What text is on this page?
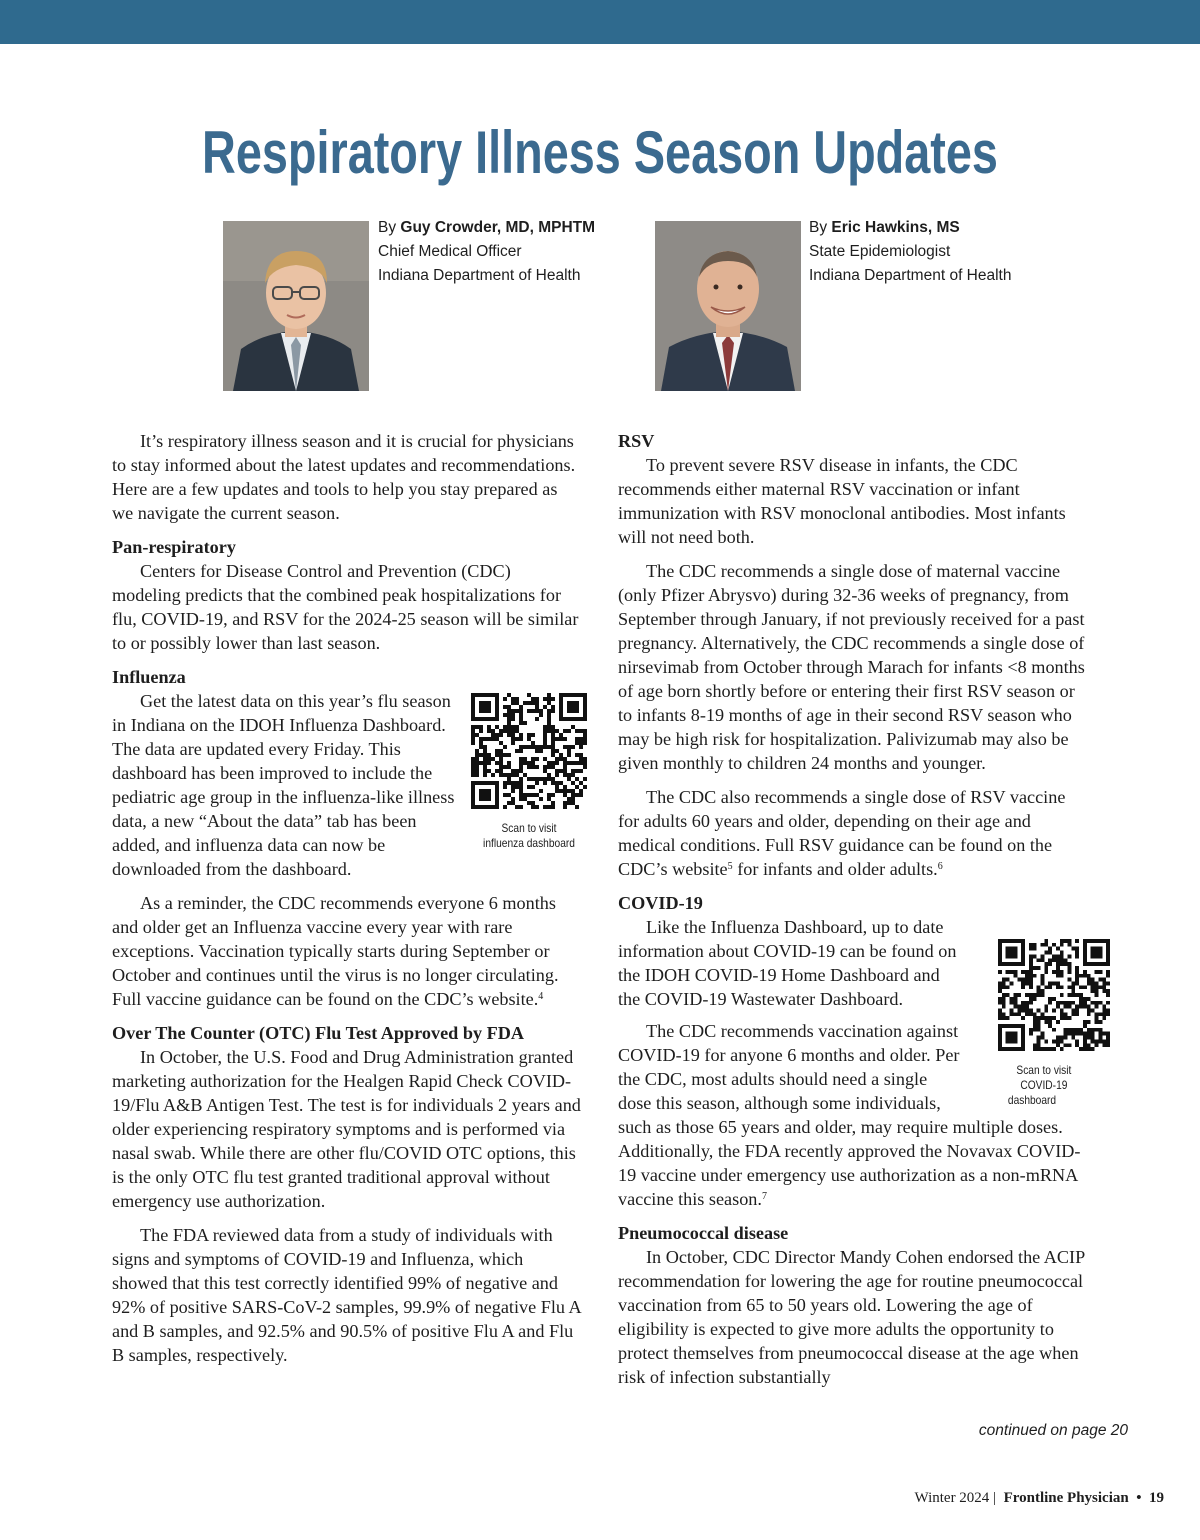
Respiratory Illness Season Updates
By Guy Crowder, MD, MPHTM
Chief Medical Officer
Indiana Department of Health
By Eric Hawkins, MS
State Epidemiologist
Indiana Department of Health

It’s respiratory illness season and it is crucial for physicians to stay informed about the latest updates and recommendations. Here are a few updates and tools to help you stay prepared as we navigate the current season.

Pan-respiratory

Centers for Disease Control and Prevention (CDC) modeling predicts that the combined peak hospitalizations for flu, COVID-19, and RSV for the 2024-25 season will be similar to or possibly lower than last season.

Influenza
Scan to visit
influenza dashboard

Get the latest data on this year’s flu season in Indiana on the IDOH Influenza Dashboard. The data are updated every Friday. This dashboard has been improved to include the pediatric age group in the influenza-like illness data, a new “About the data” tab has been added, and influenza data can now be downloaded from the dashboard.

As a reminder, the CDC recommends everyone 6 months and older get an Influenza vaccine every year with rare exceptions. Vaccination typically starts during September or October and continues until the virus is no longer circulating. Full vaccine guidance can be found on the CDC’s website.$^4$

Over The Counter (OTC) Flu Test Approved by FDA

In October, the U.S. Food and Drug Administration granted marketing authorization for the Healgen Rapid Check COVID-19/Flu A&B Antigen Test. The test is for individuals 2 years and older experiencing respiratory symptoms and is performed via nasal swab. While there are other flu/COVID OTC options, this is the only OTC flu test granted traditional approval without emergency use authorization.

The FDA reviewed data from a study of individuals with signs and symptoms of COVID-19 and Influenza, which showed that this test correctly identified 99% of negative and 92% of positive SARS-CoV-2 samples, 99.9% of negative Flu A and B samples, and 92.5% and 90.5% of positive Flu A and Flu B samples, respectively.

RSV

To prevent severe RSV disease in infants, the CDC recommends either maternal RSV vaccination or infant immunization with RSV monoclonal antibodies. Most infants will not need both.

The CDC recommends a single dose of maternal vaccine (only Pfizer Abrysvo) during 32-36 weeks of pregnancy, from September through January, if not previously received for a past pregnancy. Alternatively, the CDC recommends a single dose of nirsevimab from October through Marach for infants <8 months of age born shortly before or entering their first RSV season or to infants 8-19 months of age in their second RSV season who may be high risk for hospitalization. Palivizumab may also be given monthly to children 24 months and younger.

The CDC also recommends a single dose of RSV vaccine for adults 60 years and older, depending on their age and medical conditions. Full RSV guidance can be found on the CDC’s website$^5$ for infants and older adults.$^6$

COVID-19

Scan to visit
COVID-19 dashboard
Like the Influenza Dashboard, up to date information about COVID-19 can be found on the IDOH COVID-19 Home Dashboard and the COVID-19 Wastewater Dashboard.

The CDC recommends vaccination against COVID-19 for anyone 6 months and older. Per the CDC, most adults should need a single dose this season, although some individuals, such as those 65 years and older, may require multiple doses. Additionally, the FDA recently approved the Novavax COVID-19 vaccine under emergency use authorization as a non-mRNA vaccine this season.$^7$

Pneumococcal disease

In October, CDC Director Mandy Cohen endorsed the ACIP recommendation for lowering the age for routine pneumococcal vaccination from 65 to 50 years old. Lowering the age of eligibility is expected to give more adults the opportunity to protect themselves from pneumococcal disease at the age when risk of infection substantially

continued on page 20
Winter 2024 | Frontline Physician • 19
